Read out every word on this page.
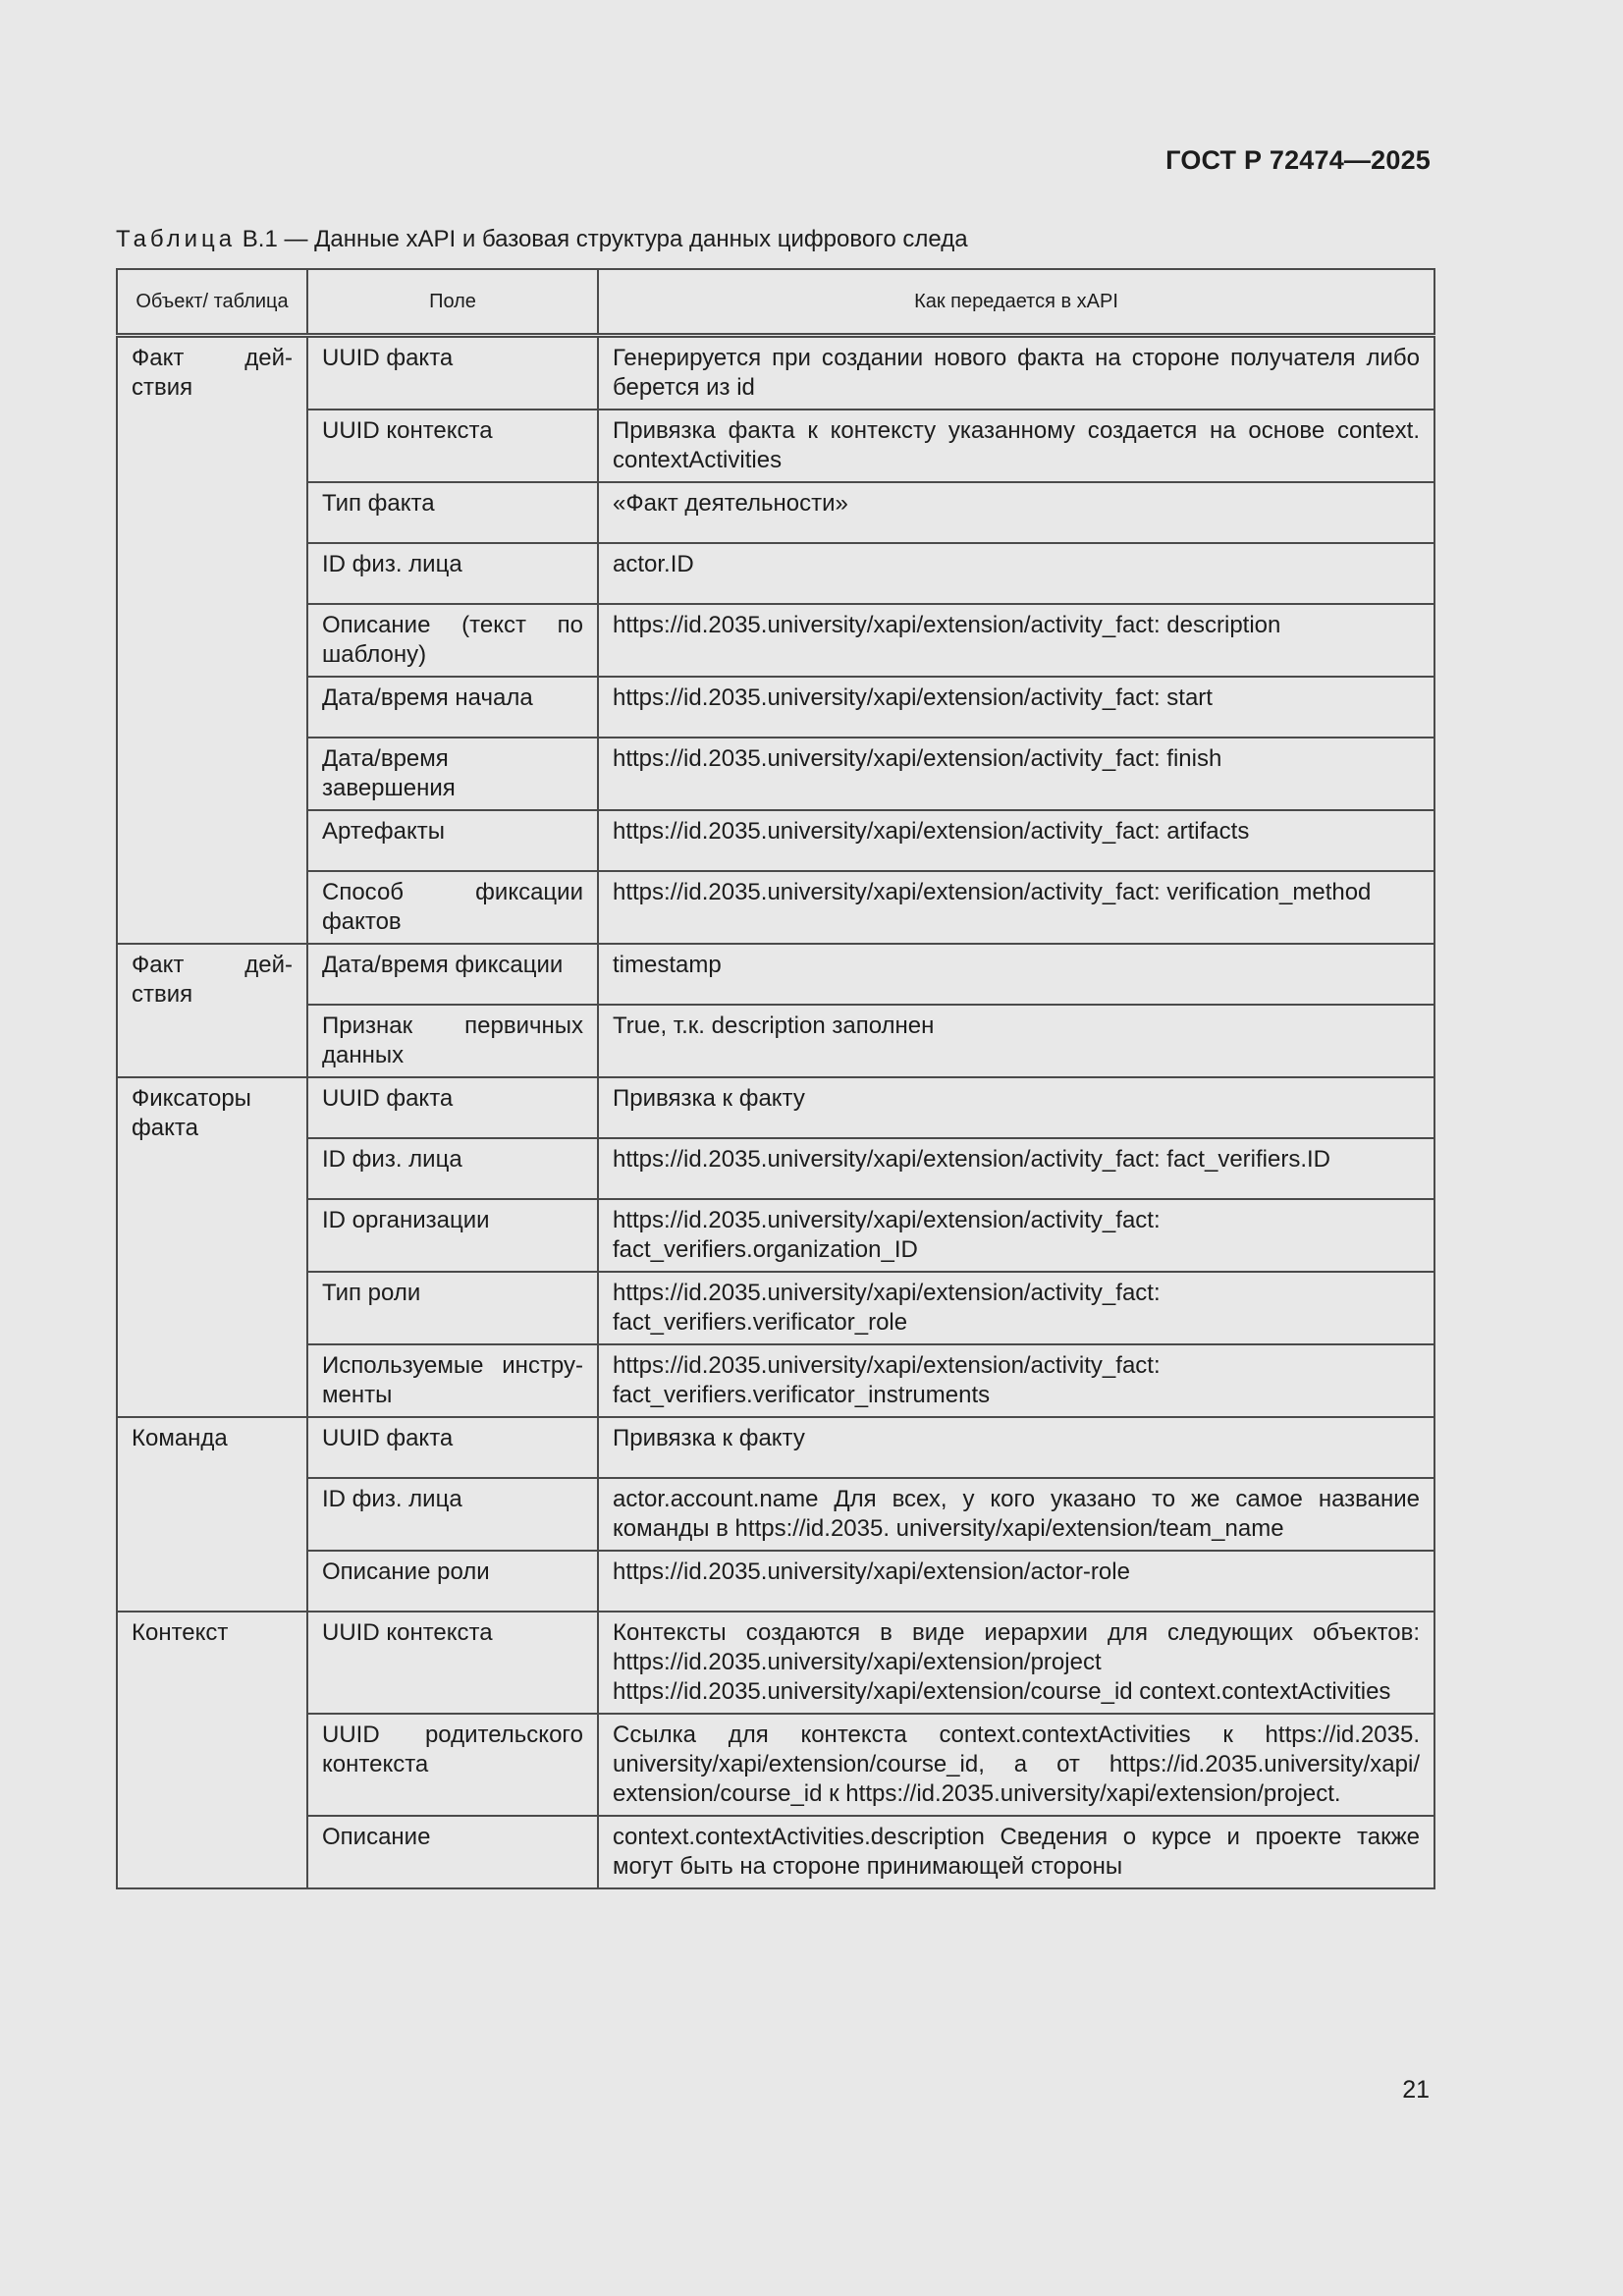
ГОСТ Р 72474—2025
Таблица В.1 — Данные xAPI и базовая структура данных цифрового следа
Объект/ таблица	Поле	Как передается в xAPI
Факт дей-ствия	UUID факта	Генерируется при создании нового факта на стороне получателя либо берется из id
	UUID контекста	Привязка факта к контексту указанному создается на основе context. contextActivities
	Тип факта	«Факт деятельности»
	ID физ. лица	actor.ID
	Описание (текст по шаблону)	https://id.2035.university/xapi/extension/activity_fact: description
	Дата/время начала	https://id.2035.university/xapi/extension/activity_fact: start
	Дата/время завершения	https://id.2035.university/xapi/extension/activity_fact: finish
	Артефакты	https://id.2035.university/xapi/extension/activity_fact: artifacts
	Способ фиксации фактов	https://id.2035.university/xapi/extension/activity_fact: verification_method
Факт дей-ствия	Дата/время фиксации	timestamp
	Признак первичных данных	True, т.к. description заполнен
Фиксаторы факта	UUID факта	Привязка к факту
	ID физ. лица	https://id.2035.university/xapi/extension/activity_fact: fact_verifiers.ID
	ID организации	https://id.2035.university/xapi/extension/activity_fact: fact_verifiers.organization_ID
	Тип роли	https://id.2035.university/xapi/extension/activity_fact: fact_verifiers.verificator_role
	Используемые инстру-менты	https://id.2035.university/xapi/extension/activity_fact: fact_verifiers.verificator_instruments
Команда	UUID факта	Привязка к факту
	ID физ. лица	actor.account.name Для всех, у кого указано то же самое название команды в https://id.2035. university/xapi/extension/team_name
	Описание роли	https://id.2035.university/xapi/extension/actor-role
Контекст	UUID контекста	Контексты создаются в виде иерархии для следующих объектов: https://id.2035.university/xapi/extension/project https://id.2035.university/xapi/extension/course_id context.contextActivities
	UUID родительского контекста	Ссылка для контекста context.contextActivities к https://id.2035. university/xapi/extension/course_id, а от https://id.2035.university/xapi/ extension/course_id к https://id.2035.university/xapi/extension/project.
	Описание	context.contextActivities.description Сведения о курсе и проекте также могут быть на стороне принимающей стороны
21
